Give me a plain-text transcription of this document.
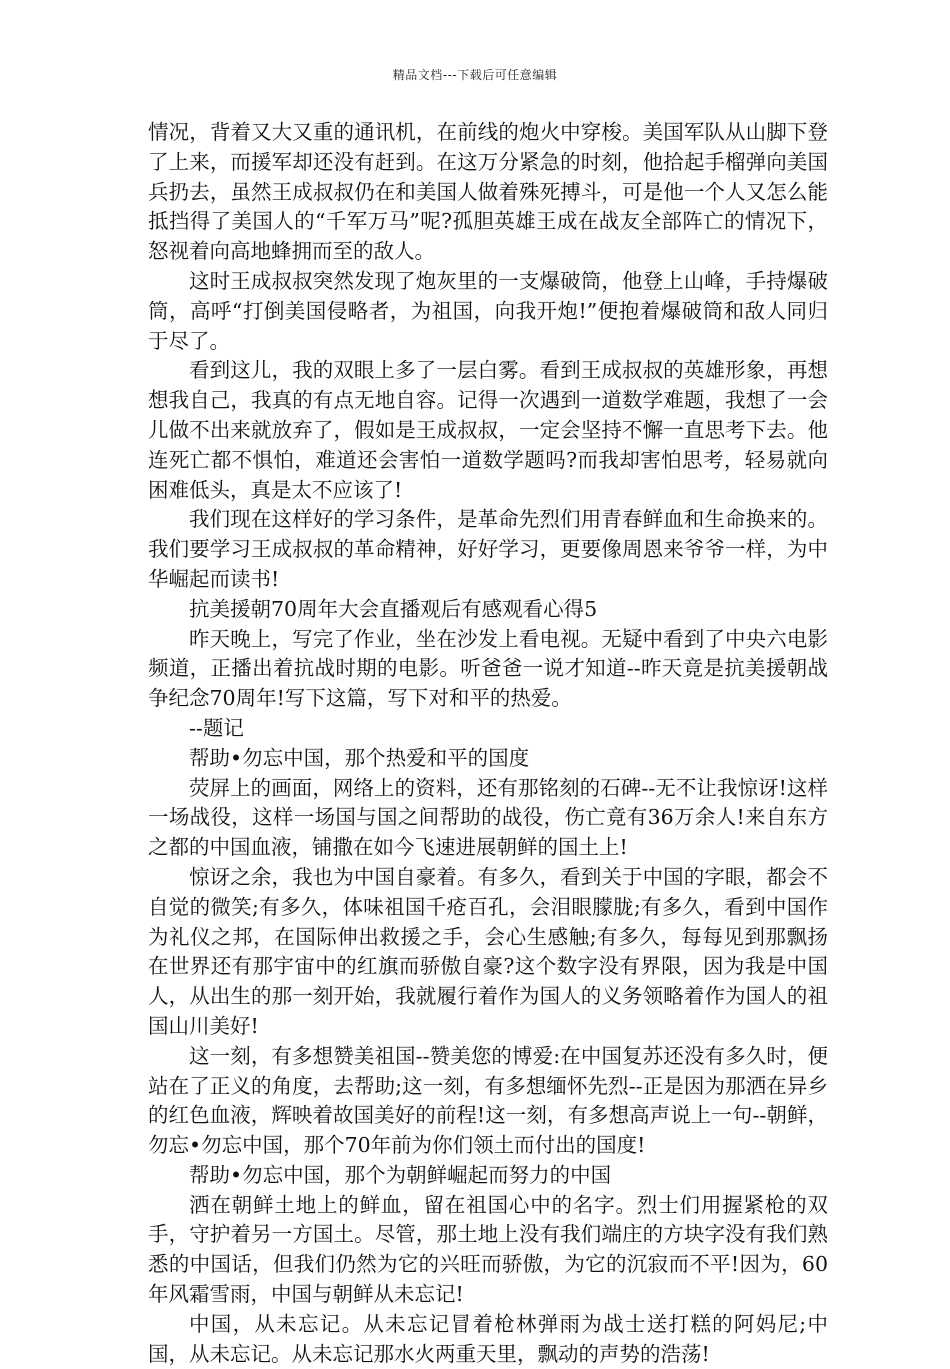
精品文档---下载后可任意编辑

情况，背着又大又重的通讯机，在前线的炮火中穿梭。美国军队从山脚下登了上来，而援军却还没有赶到。在这万分紧急的时刻，他拾起手榴弹向美国兵扔去，虽然王成叔叔仍在和美国人做着殊死搏斗，可是他一个人又怎么能抵挡得了美国人的“千军万马”呢?孤胆英雄王成在战友全部阵亡的情况下，怒视着向高地蜂拥而至的敌人。

这时王成叔叔突然发现了炮灰里的一支爆破筒，他登上山峰，手持爆破筒，高呼“打倒美国侵略者，为祖国，向我开炮!”便抱着爆破筒和敌人同归于尽了。

看到这儿，我的双眼上多了一层白雾。看到王成叔叔的英雄形象，再想想我自己，我真的有点无地自容。记得一次遇到一道数学难题，我想了一会儿做不出来就放弃了，假如是王成叔叔，一定会坚持不懈一直思考下去。他连死亡都不惧怕，难道还会害怕一道数学题吗?而我却害怕思考，轻易就向困难低头，真是太不应该了!

我们现在这样好的学习条件，是革命先烈们用青春鲜血和生命换来的。我们要学习王成叔叔的革命精神，好好学习，更要像周恩来爷爷一样，为中华崛起而读书!

抗美援朝70周年大会直播观后有感观看心得5

昨天晚上，写完了作业，坐在沙发上看电视。无疑中看到了中央六电影频道，正播出着抗战时期的电影。听爸爸一说才知道--昨天竟是抗美援朝战争纪念70周年!写下这篇，写下对和平的热爱。

--题记

帮助•勿忘中国，那个热爱和平的国度

荧屏上的画面，网络上的资料，还有那铭刻的石碑--无不让我惊讶!这样一场战役，这样一场国与国之间帮助的战役，伤亡竟有36万余人!来自东方之都的中国血液，铺撒在如今飞速进展朝鲜的国土上!

惊讶之余，我也为中国自豪着。有多久，看到关于中国的字眼，都会不自觉的微笑;有多久，体味祖国千疮百孔，会泪眼朦胧;有多久，看到中国作为礼仪之邦，在国际伸出救援之手，会心生感触;有多久，每每见到那飘扬在世界还有那宇宙中的红旗而骄傲自豪?这个数字没有界限，因为我是中国人，从出生的那一刻开始，我就履行着作为国人的义务领略着作为国人的祖国山川美好!

这一刻，有多想赞美祖国--赞美您的博爱:在中国复苏还没有多久时，便站在了正义的角度，去帮助;这一刻，有多想缅怀先烈--正是因为那洒在异乡的红色血液，辉映着故国美好的前程!这一刻，有多想高声说上一句--朝鲜，勿忘•勿忘中国，那个70年前为你们领土而付出的国度!

帮助•勿忘中国，那个为朝鲜崛起而努力的中国

洒在朝鲜土地上的鲜血，留在祖国心中的名字。烈士们用握紧枪的双手，守护着另一方国土。尽管，那土地上没有我们端庄的方块字没有我们熟悉的中国话，但我们仍然为它的兴旺而骄傲，为它的沉寂而不平!因为，60年风霜雪雨，中国与朝鲜从未忘记!

中国，从未忘记。从未忘记冒着枪林弹雨为战士送打糕的阿妈尼;中国，从未忘记。从未忘记那水火两重天里，飘动的声势的浩荡!
